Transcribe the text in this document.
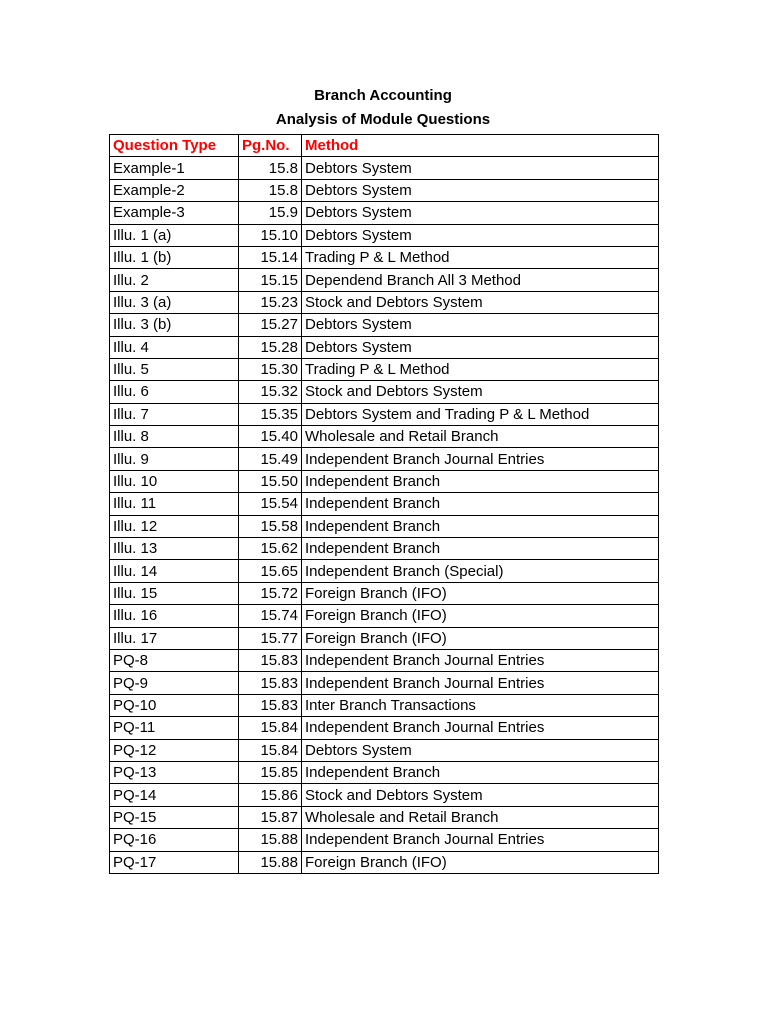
Branch Accounting
Analysis of Module Questions
Question Type	Pg.No.	Method
Example-1	15.8	Debtors System
Example-2	15.8	Debtors System
Example-3	15.9	Debtors System
Illu. 1 (a)	15.10	Debtors System
Illu. 1 (b)	15.14	Trading P & L Method
Illu. 2	15.15	Dependend Branch All 3 Method
Illu. 3 (a)	15.23	Stock and Debtors System
Illu. 3 (b)	15.27	Debtors System
Illu. 4	15.28	Debtors System
Illu. 5	15.30	Trading P & L Method
Illu. 6	15.32	Stock and Debtors System
Illu. 7	15.35	Debtors System and Trading P & L Method
Illu. 8	15.40	Wholesale and Retail Branch
Illu. 9	15.49	Independent Branch Journal Entries
Illu. 10	15.50	Independent Branch
Illu. 11	15.54	Independent Branch
Illu. 12	15.58	Independent Branch
Illu. 13	15.62	Independent Branch
Illu. 14	15.65	Independent Branch (Special)
Illu. 15	15.72	Foreign Branch (IFO)
Illu. 16	15.74	Foreign Branch (IFO)
Illu. 17	15.77	Foreign Branch (IFO)
PQ-8	15.83	Independent Branch Journal Entries
PQ-9	15.83	Independent Branch Journal Entries
PQ-10	15.83	Inter Branch Transactions
PQ-11	15.84	Independent Branch Journal Entries
PQ-12	15.84	Debtors System
PQ-13	15.85	Independent Branch
PQ-14	15.86	Stock and Debtors System
PQ-15	15.87	Wholesale and Retail Branch
PQ-16	15.88	Independent Branch Journal Entries
PQ-17	15.88	Foreign Branch (IFO)
